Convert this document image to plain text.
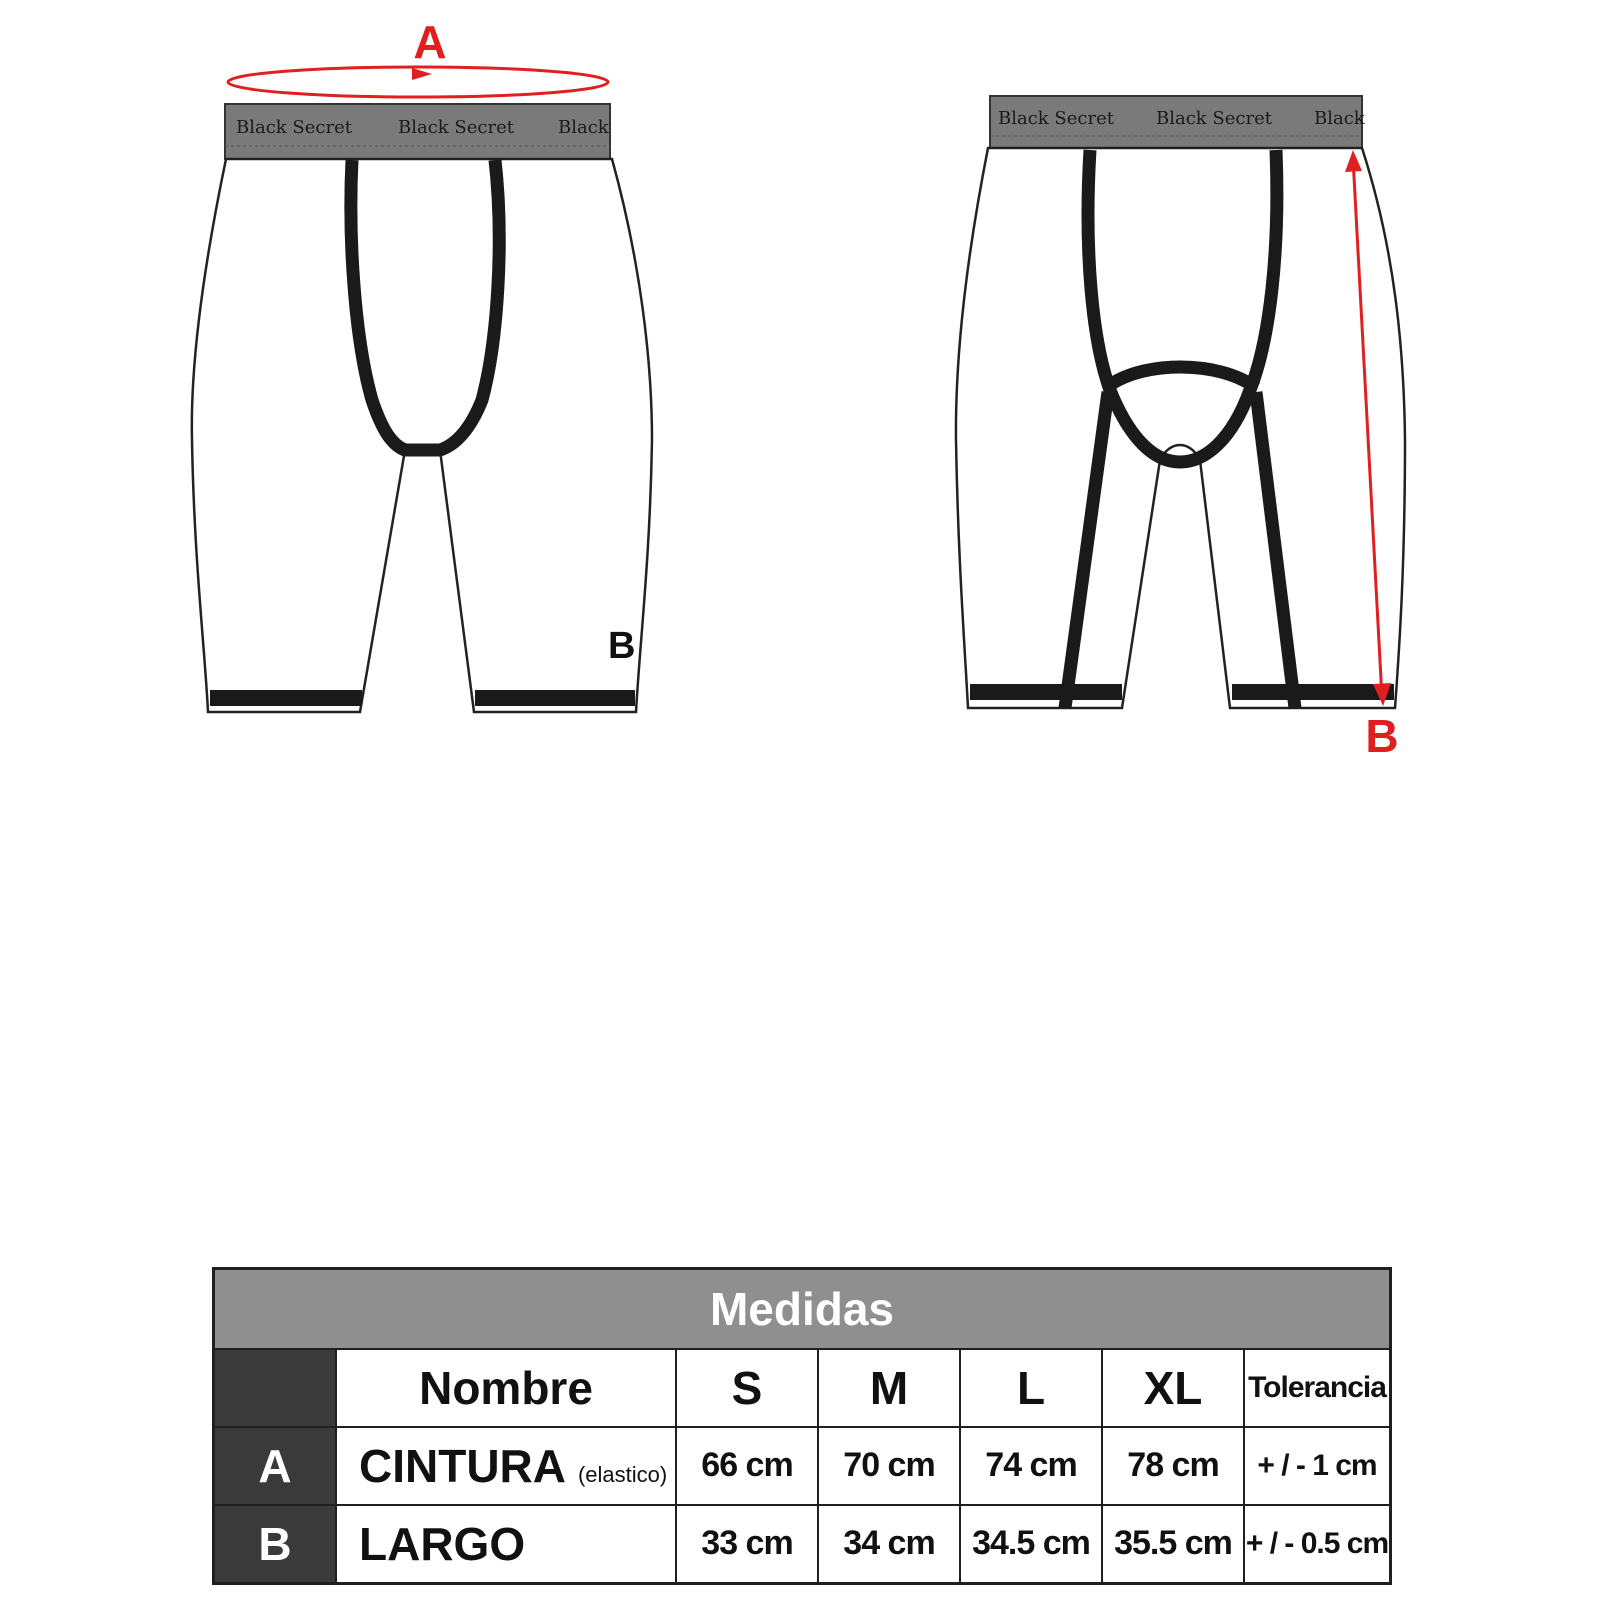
A
Black Secret	Black Secret Black
B
Black Secret Black Secret Black
B
Medidas						
	Nombre	S	M	L	XL	Tolerancia
A	CINTURA (elastico)	66 cm	70 cm	74 cm	78 cm	+ / - 1 cm
B	LARGO	33 cm	34 cm	34.5 cm	35.5 cm	+ / - 0.5 cm
